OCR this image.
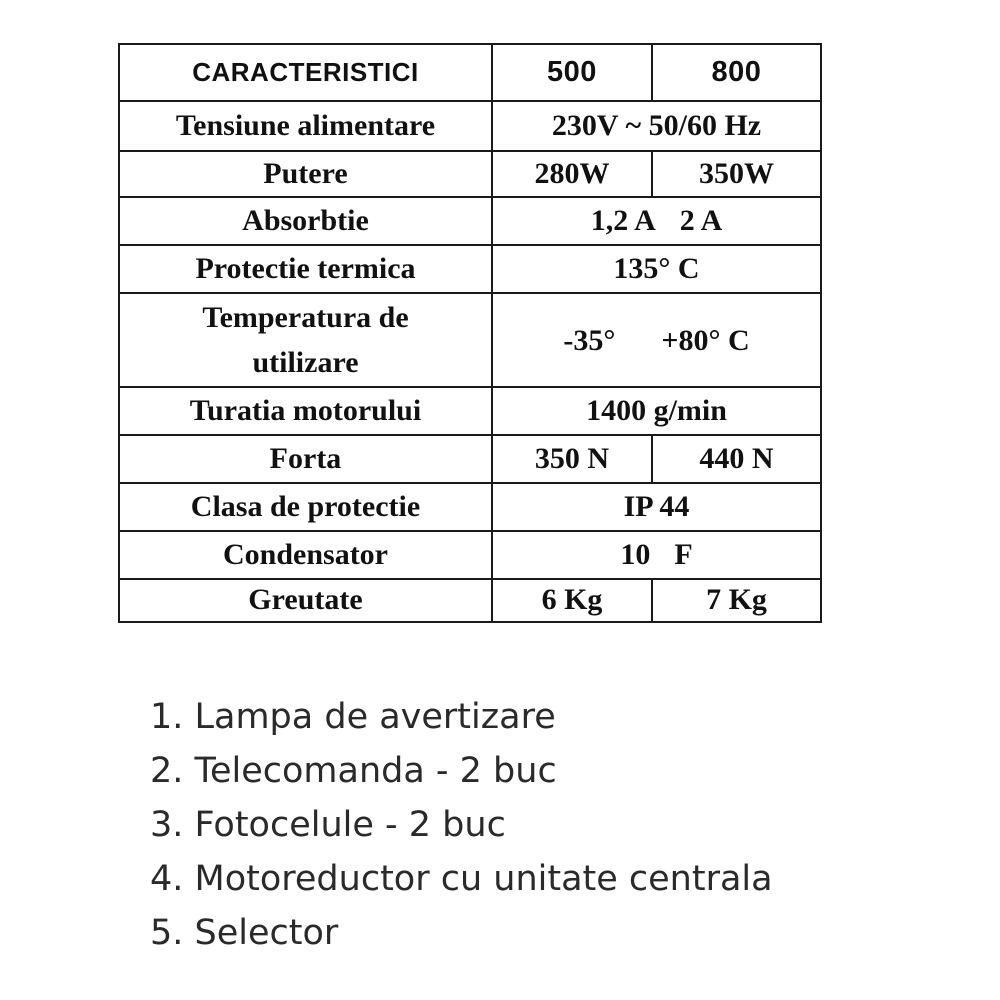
CARACTERISTICI	500	800
Tensiune alimentare	230V ~ 50/60 Hz	
Putere	280W	350W
Absorbtie	1,2 A 2 A	
Protectie termica	135° C	
Temperatura de
utilizare	-35° +80° C	
Turatia motorului	1400 g/min	
Forta	350 N	440 N
Clasa de protectie	IP 44	
Condensator	10 F	
Greutate	6 Kg	7 Kg
1. Lampa de avertizare
2. Telecomanda - 2 buc
3. Fotocelule - 2 buc
4. Motoreductor cu unitate centrala
5. Selector
